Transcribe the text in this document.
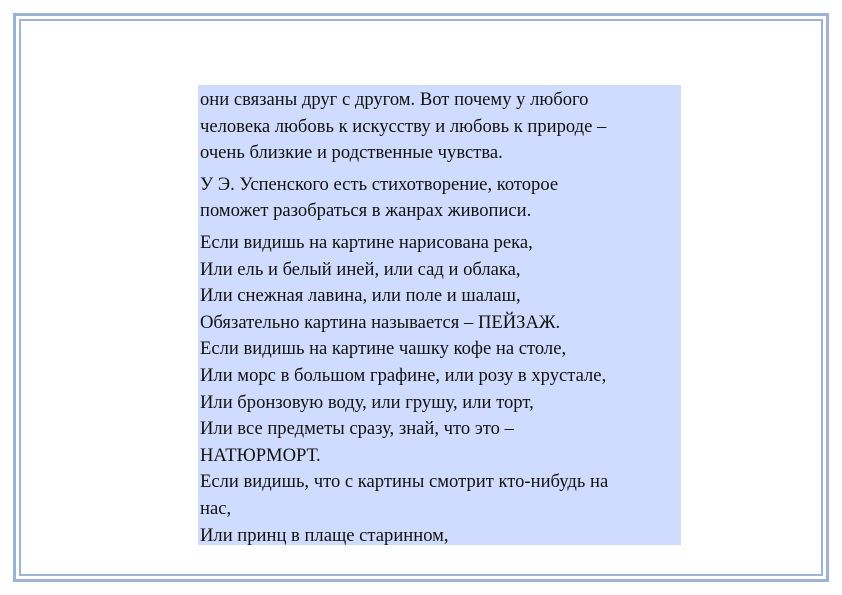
они связаны друг с другом. Вот почему у любого
человека любовь к искусству и любовь к природе –
очень близкие и родственные чувства.

У Э. Успенского есть стихотворение, которое
поможет разобраться в жанрах живописи.

Если видишь на картине нарисована река,
Или ель и белый иней, или сад и облака,
Или снежная лавина, или поле и шалаш,
Обязательно картина называется – ПЕЙЗАЖ.
Если видишь на картине чашку кофе на столе,
Или морс в большом графине, или розу в хрустале,
Или бронзовую воду, или грушу, или торт,
Или все предметы сразу, знай, что это –
НАТЮРМОРТ.
Если видишь, что с картины смотрит кто-нибудь на
нас,
Или принц в плаще старинном,
